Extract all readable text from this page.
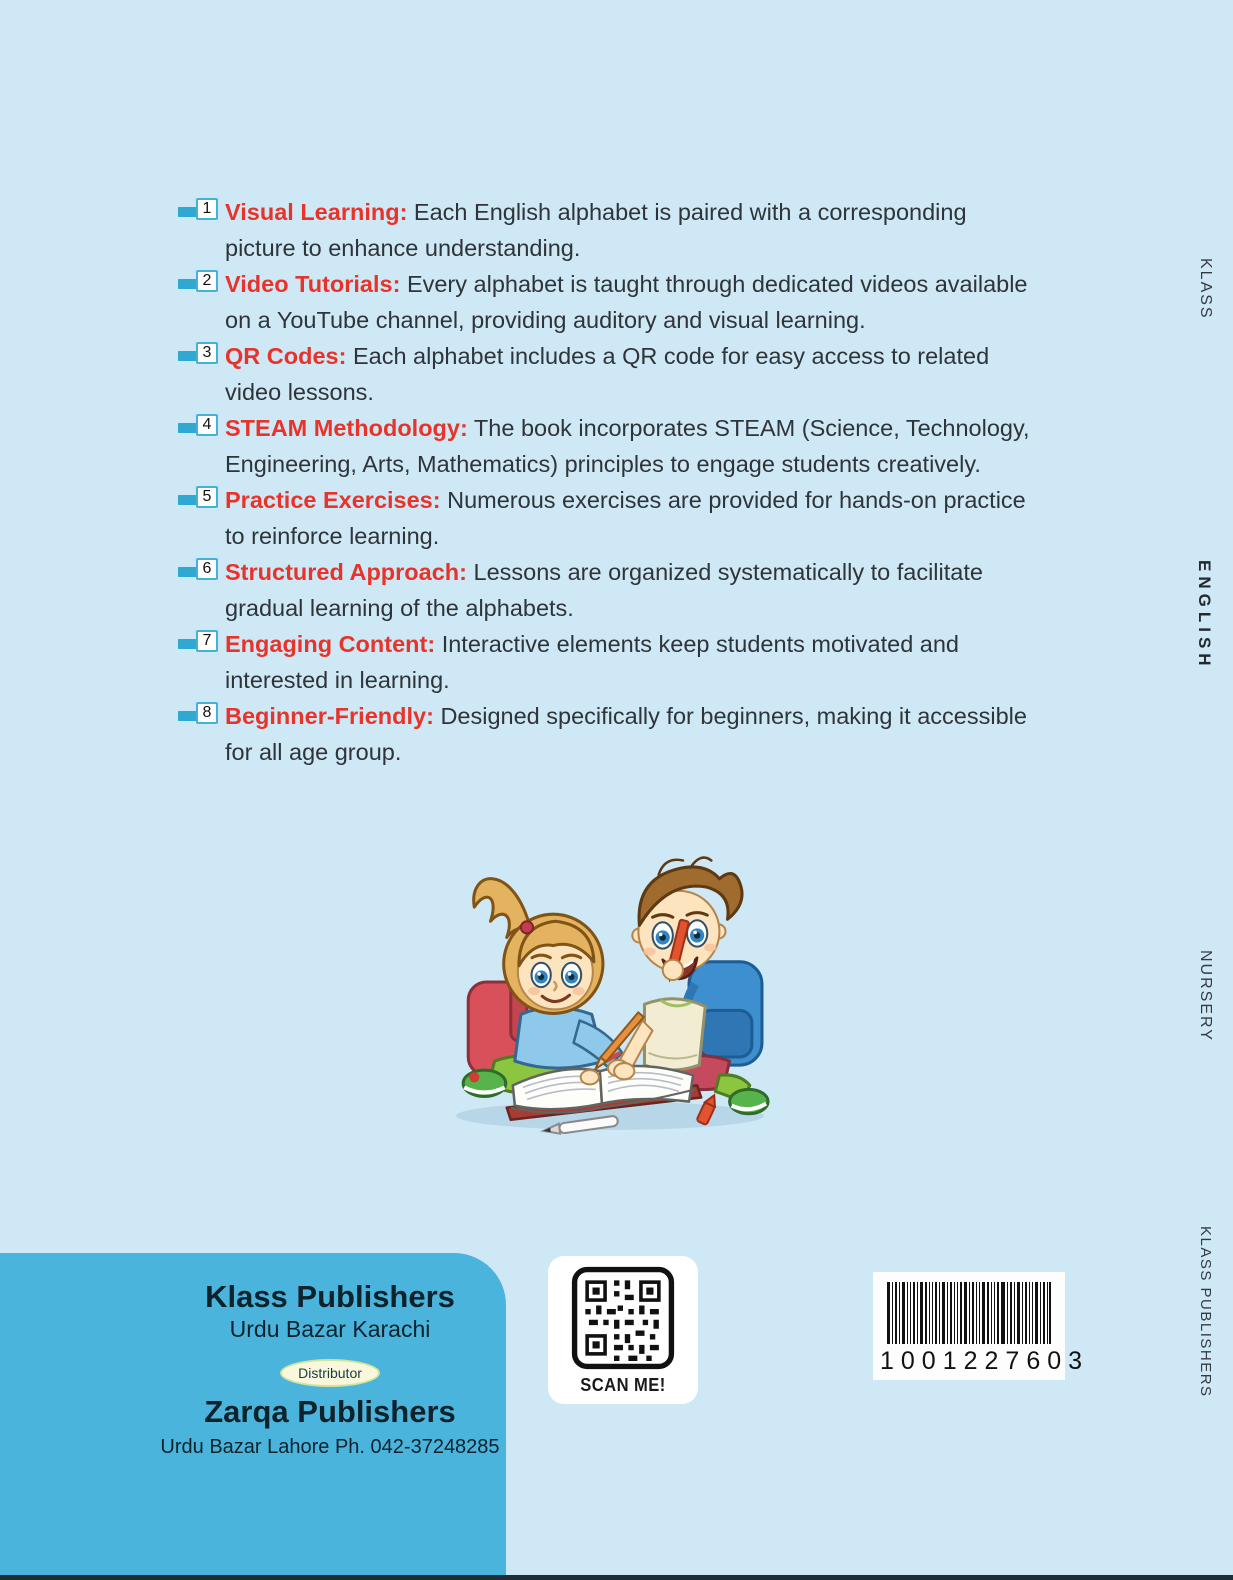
1 Visual Learning: Each English alphabet is paired with a corresponding picture to enhance understanding.
2 Video Tutorials: Every alphabet is taught through dedicated videos available on a YouTube channel, providing auditory and visual learning.
3 QR Codes: Each alphabet includes a QR code for easy access to related video lessons.
4 STEAM Methodology: The book incorporates STEAM (Science, Technology, Engineering, Arts, Mathematics) principles to engage students creatively.
5 Practice Exercises: Numerous exercises are provided for hands-on practice to reinforce learning.
6 Structured Approach: Lessons are organized systematically to facilitate gradual learning of the alphabets.
7 Engaging Content: Interactive elements keep students motivated and interested in learning.
8 Beginner-Friendly: Designed specifically for beginners, making it accessible for all age group.
KLASS
ENGLISH
NURSERY
KLASS PUBLISHERS
Klass Publishers
Urdu Bazar Karachi
Distributor
Zarqa Publishers
Urdu Bazar Lahore Ph. 042-37248285
SCAN ME!
1001227603
